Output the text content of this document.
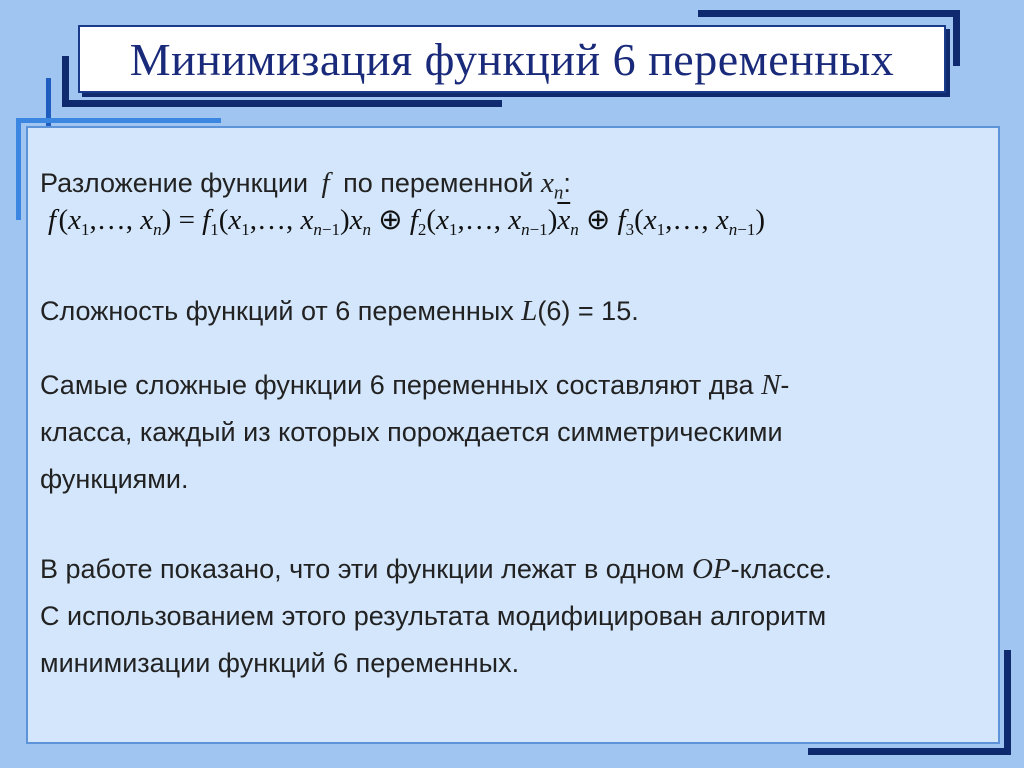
Минимизация функций 6 переменных
Разложение функции f по переменной $x_n$:
f ($x_1,\dots$, $x_n$) = $f_1(x_1,\dots$, $x_{n-1})x_n$ ⊕ $f_2(x_1,\dots$, $x_{n-1})\overline{x}_n$ ⊕ $f_3(x_1,\dots$, $x_{n-1}$)
Сложность функций от 6 переменных L(6) = 15.
Самые сложные функции 6 переменных составляют два N-
класса, каждый из которых порождается симметрическими
функциями.
В работе показано, что эти функции лежат в одном OP-классе.
С использованием этого результата модифицирован алгоритм
минимизации функций 6 переменных.
